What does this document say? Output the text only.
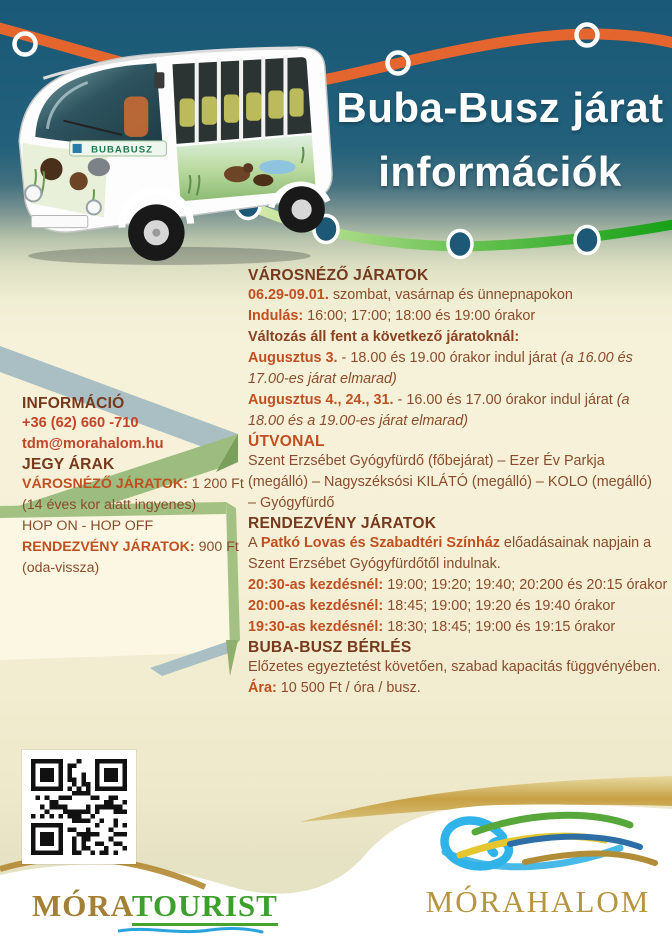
BUBABUSZ
Buba-Busz járat
információk
VÁROSNÉZŐ JÁRATOK

06.29-09.01. szombat, vasárnap és ünnepnapokon
Indulás: 16:00; 17:00; 18:00 és 19:00 órakor

Változás áll fent a következő járatoknál:
Augusztus 3. - 18.00 és 19.00 órakor indul járat (a 16.00 és 17.00-es járat elmarad)
Augusztus 4., 24., 31. - 16.00 és 17.00 órakor indul járat (a 18.00 és a 19.00-es járat elmarad)

ÚTVONAL

Szent Erzsébet Gyógyfürdő (főbejárat) – Ezer Év Parkja (megálló) – Nagyszéksósi KILÁTÓ (megálló) – KOLO (megálló) – Gyógyfürdő

RENDEZVÉNY JÁRATOK

A Patkó Lovas és Szabadtéri Színház előadásainak napjain a Szent Erzsébet Gyógyfürdőtől indulnak.

20:30-as kezdésnél: 19:00; 19:20; 19:40; 20:200 és 20:15 órakor
20:00-as kezdésnél: 18:45; 19:00; 19:20 és 19:40 órakor
19:30-as kezdésnél: 18:30; 18:45; 19:00 és 19:15 órakor

BUBA-BUSZ BÉRLÉS

Előzetes egyeztetést követően, szabad kapacitás függvényében.

Ára: 10 500 Ft / óra / busz.

INFORMÁCIÓ

+36 (62) 660 -710
tdm@morahalom.hu

JEGY ÁRAK

VÁROSNÉZŐ JÁRATOK: 1 200 Ft
(14 éves kor alatt ingyenes)
HOP ON - HOP OFF

RENDEZVÉNY JÁRATOK: 900 Ft
(oda-vissza)

MÓRATOURIST	MÓRAHALOM
